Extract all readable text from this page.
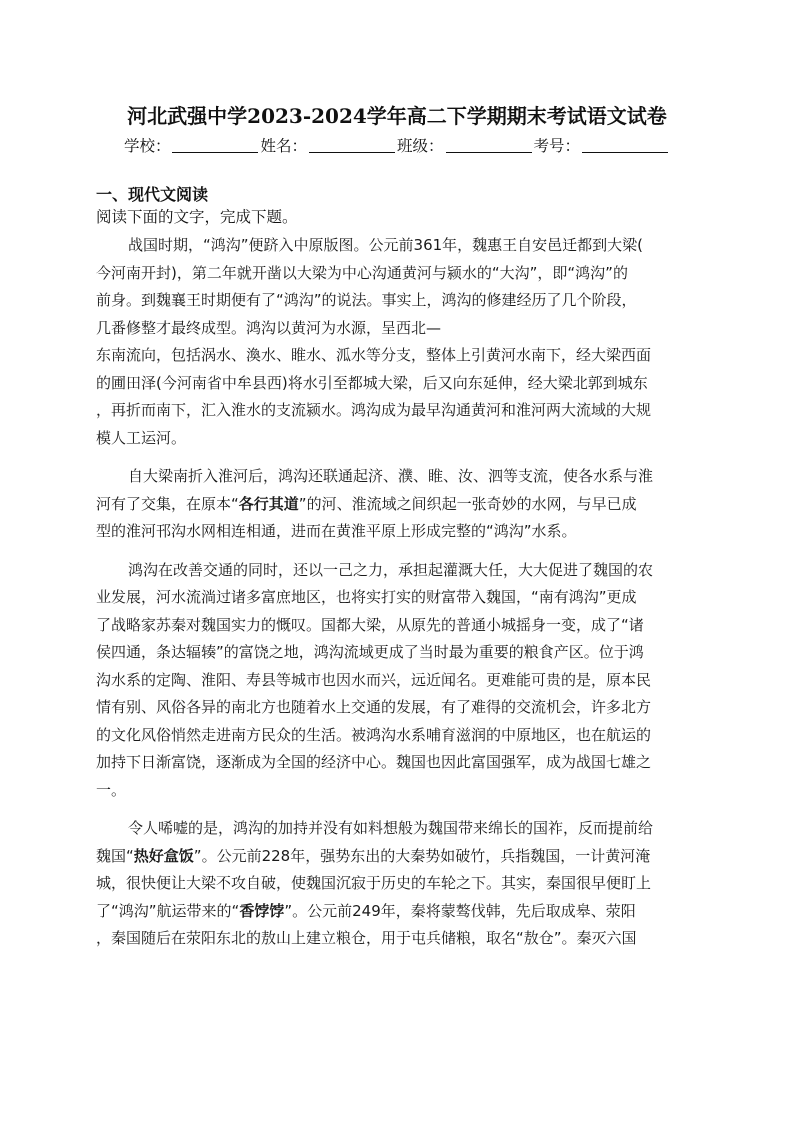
河北武强中学2023-2024学年高二下学期期末考试语文试卷
学校：	姓名：	班级：	考号：
一、现代文阅读
阅读下面的文字，完成下题。
战国时期，“鸿沟”便跻入中原版图。公元前361年，魏惠王自安邑迁都到大梁(
今河南开封)，第二年就开凿以大梁为中心沟通黄河与颍水的“大沟”，即“鸿沟”的
前身。到魏襄王时期便有了“鸿沟”的说法。事实上，鸿沟的修建经历了几个阶段，
几番修整才最终成型。鸿沟以黄河为水源，呈西北—
东南流向，包括涡水、渙水、睢水、泒水等分支，整体上引黄河水南下，经大梁西面
的圃田泽(今河南省中牟县西)将水引至都城大梁，后又向东延伸，经大梁北郭到城东
，再折而南下，汇入淮水的支流颍水。鸿沟成为最早沟通黄河和淮河两大流域的大规
模人工运河。
自大梁南折入淮河后，鸿沟还联通起济、濮、睢、汝、泗等支流，使各水系与淮
河有了交集，在原本“各行其道”的河、淮流域之间织起一张奇妙的水网，与早已成
型的淮河邗沟水网相连相通，进而在黄淮平原上形成完整的“鸿沟”水系。
鸿沟在改善交通的同时，还以一己之力，承担起灌溉大任，大大促进了魏国的农
业发展，河水流淌过诸多富庶地区，也将实打实的财富带入魏国，“南有鸿沟”更成
了战略家苏秦对魏国实力的慨叹。国都大梁，从原先的普通小城摇身一变，成了“诸
侯四通，条达辐辏”的富饶之地，鸿沟流域更成了当时最为重要的粮食产区。位于鸿
沟水系的定陶、淮阳、寿县等城市也因水而兴，远近闻名。更难能可贵的是，原本民
情有别、风俗各异的南北方也随着水上交通的发展，有了难得的交流机会，许多北方
的文化风俗悄然走进南方民众的生活。被鸿沟水系哺育滋润的中原地区，也在航运的
加持下日渐富饶，逐渐成为全国的经济中心。魏国也因此富国强军，成为战国七雄之
一。
令人唏嘘的是，鸿沟的加持并没有如料想般为魏国带来绵长的国祚，反而提前给
魏国“热好盒饭”。公元前228年，强势东出的大秦势如破竹，兵指魏国，一计黄河淹
城，很快便让大梁不攻自破，使魏国沉寂于历史的车轮之下。其实，秦国很早便盯上
了“鸿沟”航运带来的“香饽饽”。公元前249年，秦将蒙骜伐韩，先后取成皋、荥阳
，秦国随后在荥阳东北的敖山上建立粮仓，用于屯兵储粮，取名“敖仓”。秦灭六国
